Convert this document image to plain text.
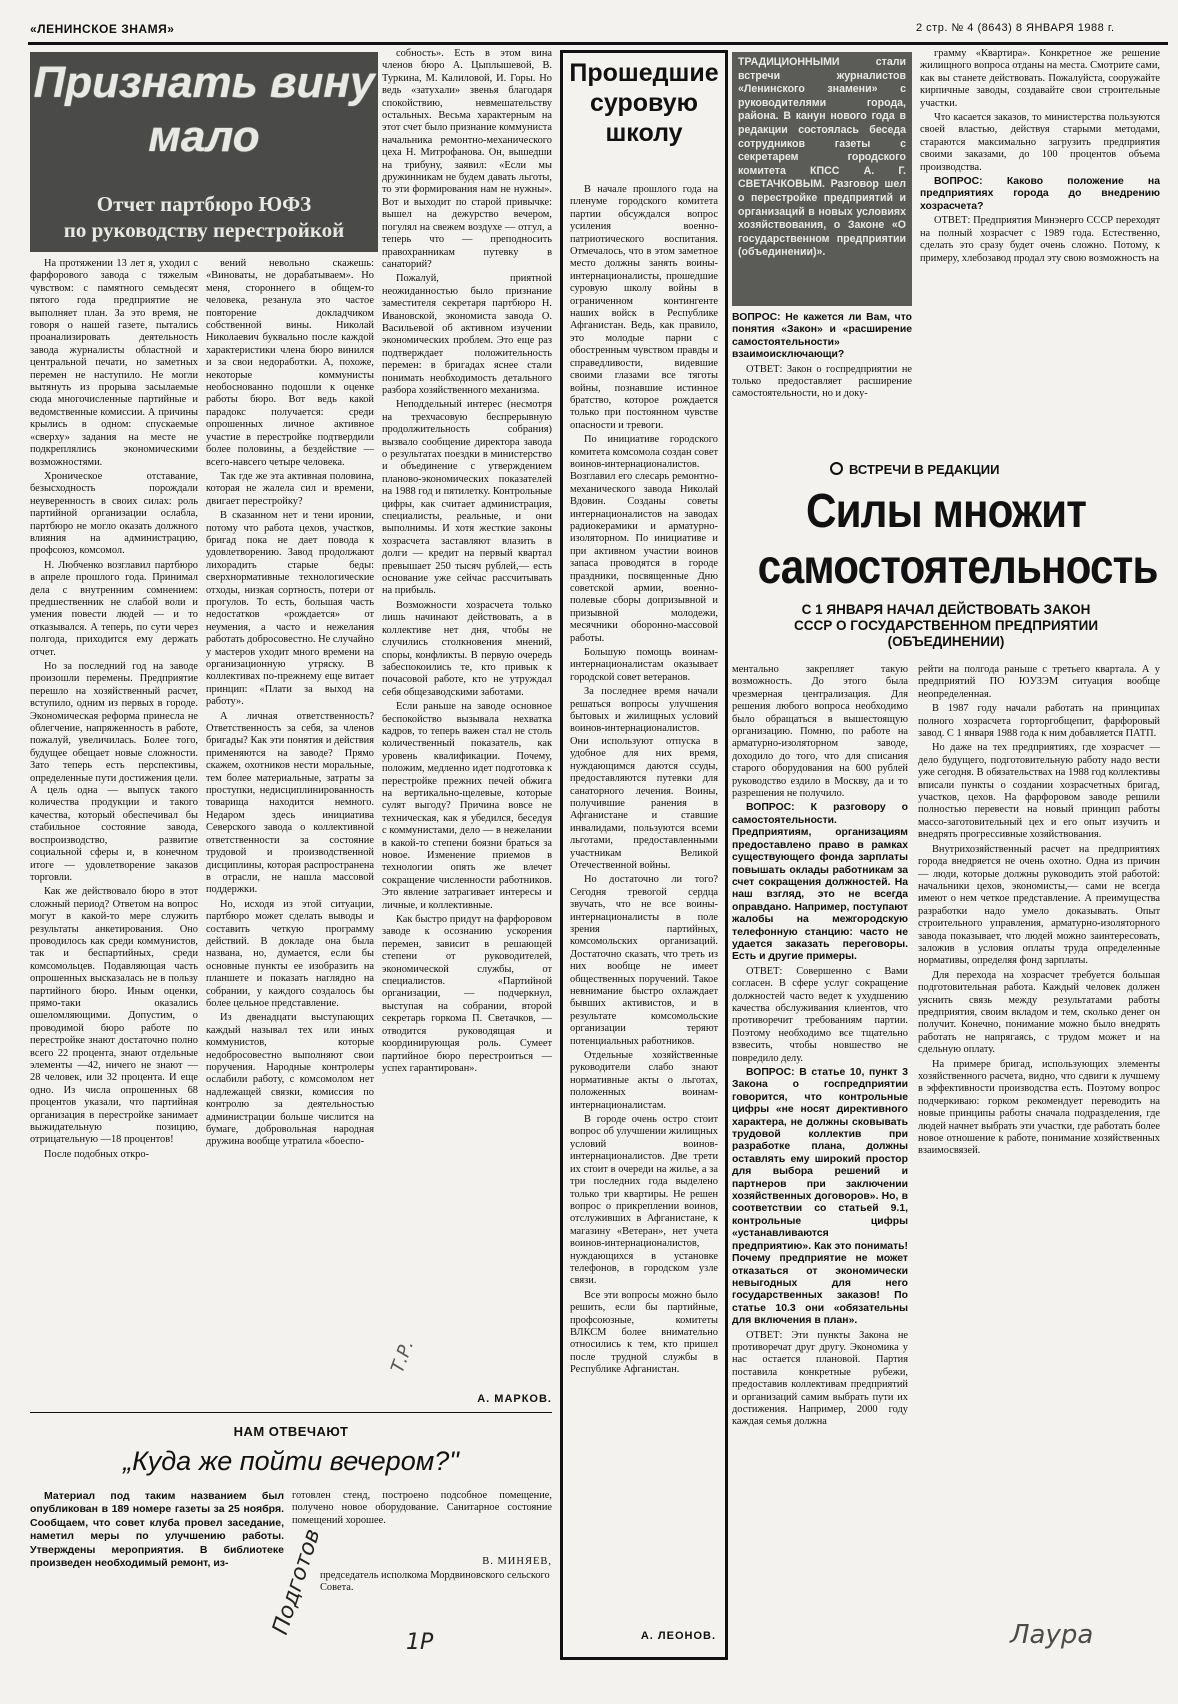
«ЛЕНИНСКОЕ ЗНАМЯ»	2 стр. № 4 (8643) 8 ЯНВАРЯ 1988 г.
Признать вину
мало
Отчет партбюро ЮФЗ
по руководству перестройкой

На протяжении 13 лет я, уходил с фарфорового завода с тяжелым чувством: с памятного семьдесят пятого года предприятие не выполняет план. За это время, не говоря о нашей газете, пытались проанализировать деятельность завода журналисты областной и центральной печати, но заметных перемен не наступило. Не могли вытянуть из прорыва засылаемые сюда многочисленные партийные и ведомственные комиссии. А причины крылись в одном: спускаемые «сверху» задания на месте не подкреплялись экономическими возможностями.

Хроническое отставание, безысходность порождали неуверенность в своих силах: роль партийной организации ослабла, партбюро не могло оказать должного влияния на администрацию, профсоюз, комсомол.

Н. Любченко возглавил партбюро в апреле прошлого года. Принимал дела с внутренним сомнением: предшественник не слабой воли и умения повести людей — и то отказывался. А теперь, по сути через полгода, приходится ему держать отчет.

Но за последний год на заводе произошли перемены. Предприятие перешло на хозяйственный расчет, вступило, одним из первых в городе. Экономическая реформа принесла не облегчение, напряженность в работе, пожалуй, увеличилась. Более того, будущее обещает новые сложности. Зато теперь есть перспективы, определенные пути достижения цели. А цель одна — выпуск такого количества продукции и такого качества, который обеспечивал бы стабильное состояние завода, воспроизводство, развитие социальной сферы и, в конечном итоге — удовлетворение заказов торговли.

Как же действовало бюро в этот сложный период? Ответом на вопрос могут в какой-то мере служить результаты анкетирования. Оно проводилось как среди коммунистов, так и беспартийных, среди комсомольцев. Подавляющая часть опрошенных высказалась не в пользу партийного бюро. Иным оценки, прямо-таки оказались ошеломляющими. Допустим, о проводимой бюро работе по перестройке знают достаточно полно всего 22 процента, знают отдельные элементы —42, ничего не знают — 28 человек, или 32 процента. И еще одно. Из числа опрошенных 68 процентов указали, что партийная организация в перестройке занимает выжидательную позицию, отрицательную —18 процентов!

После подобных откро-

вений невольно скажешь: «Виноваты, не дорабатываем». Но меня, стороннего в общем-то человека, резанула это частое повторение докладчиком собственной вины. Николай Николаевич буквально после каждой характеристики члена бюро винился и за свои недоработки. А, похоже, некоторые коммунисты необоснованно подошли к оценке работы бюро. Вот ведь какой парадокс получается: среди опрошенных личное активное участие в перестройке подтвердили более половины, а бездействие — всего-навсего четыре человека.

Так где же эта активная половина, которая не жалела сил и времени, двигает перестройку?

В сказанном нет и тени иронии, потому что работа цехов, участков, бригад пока не дает повода к удовлетворению. Завод продолжают лихорадить старые беды: сверхнормативные технологические отходы, низкая сортность, потери от прогулов. То есть, большая часть недостатков «рождается» от неумения, а часто и нежелания работать добросовестно. Не случайно у мастеров уходит много времени на организационную утряску. В коллективах по-прежнему еще витает принцип: «Плати за выход на работу».

А личная ответственность? Ответственность за себя, за членов бригады? Как эти понятия и действия применяются на заводе? Прямо скажем, охотников нести моральные, тем более материальные, затраты за проступки, недисциплинированность товарища находится немного. Недаром здесь инициатива Северского завода о коллективной ответственности за состояние трудовой и производственной дисциплины, которая распространена в отрасли, не нашла массовой поддержки.

Но, исходя из этой ситуации, партбюро может сделать выводы и составить четкую программу действий. В докладе она была названа, но, думается, если бы основные пункты ее изобразить на планшете и показать наглядно на собрании, у каждого создалось бы более цельное представление.

Из двенадцати выступающих каждый называл тех или иных коммунистов, которые недобросовестно выполняют свои поручения. Народные контролеры ослабили работу, с комсомолом нет надлежащей связки, комиссия по контролю за деятельностью администрации больше числится на бумаге, добровольная народная дружина вообще утратила «боеспо-

собность». Есть в этом вина членов бюро А. Цыплышевой, В. Туркина, М. Калиловой, И. Горы. Но ведь «затухали» звенья благодаря спокойствию, невмешательству остальных. Весьма характерным на этот счет было признание коммуниста начальника ремонтно-механического цеха Н. Митрофанова. Он, вышедши на трибуну, заявил: «Если мы дружинникам не будем давать льготы, то эти формирования нам не нужны». Вот и выходит по старой привычке: вышел на дежурство вечером, погулял на свежем воздухе — отгул, а теперь что — преподносить правохранникам путевку в санаторий?

Пожалуй, приятной неожиданностью было признание заместителя секретаря партбюро Н. Ивановской, экономиста завода О. Васильевой об активном изучении экономических проблем. Это еще раз подтверждает положительность перемен: в бригадах яснее стали понимать необходимость детального разбора хозяйственного механизма.

Неподдельный интерес (несмотря на трехчасовую беспрерывную продолжительность собрания) вызвало сообщение директора завода о результатах поездки в министерство и объединение с утверждением планово-экономических показателей на 1988 год и пятилетку. Контрольные цифры, как считает администрация, специалисты, реальные, и они выполнимы. И хотя жесткие законы хозрасчета заставляют влазить в долги — кредит на первый квартал превышает 250 тысяч рублей,— есть основание уже сейчас рассчитывать на прибыль.

Возможности хозрасчета только лишь начинают действовать, а в коллективе нет дня, чтобы не случились столкновения мнений, споры, конфликты. В первую очередь забеспокоились те, кто привык к почасовой работе, кто не утруждал себя общезаводскими заботами.

Если раньше на заводе основное беспокойство вызывала нехватка кадров, то теперь важен стал не столь количественный показатель, как уровень квалификации. Почему, положим, медленно идет подготовка к перестройке прежних печей обжига на вертикально-щелевые, которые сулят выгоду? Причина вовсе не техническая, как я убедился, беседуя с коммунистами, дело — в нежелании в какой-то степени боязни браться за новое. Изменение приемов в технологии опять же влечет сокращение численности работников. Это явление затрагивает интересы и личные, и коллективные.

Как быстро придут на фарфоровом заводе к осознанию ускорения перемен, зависит в решающей степени от руководителей, экономической службы, от специалистов. «Партийной организации, — подчеркнул, выступая на собрании, второй секретарь горкома П. Светачков, — отводится руководящая и координирующая роль. Сумеет партийное бюро перестроиться — успех гарантирован».

А. МАРКОВ.
Прошедшие
суровую
школу

В начале прошлого года на пленуме городского комитета партии обсуждался вопрос усиления военно-патриотического воспитания. Отмечалось, что в этом заметное место должны занять воины-интернационалисты, прошедшие суровую школу войны в ограниченном контингенте наших войск в Республике Афганистан. Ведь, как правило, это молодые парни с обостренным чувством правды и справедливости, видевшие своими глазами все тяготы войны, познавшие истинное братство, которое рождается только при постоянном чувстве опасности и тревоги.

По инициативе городского комитета комсомола создан совет воинов-интернационалистов. Возглавил его слесарь ремонтно-механического завода Николай Вдовин. Созданы советы интернационалистов на заводах радиокерамики и арматурно-изоляторном. По инициативе и при активном участии воинов запаса проводятся в городе праздники, посвященные Дню советской армии, военно-полевые сборы допризывной и призывной молодежи, месячники оборонно-массовой работы.

Большую помощь воинам-интернационалистам оказывает городской совет ветеранов.

За последнее время начали решаться вопросы улучшения бытовых и жилищных условий воинов-интернационалистов. Они используют отпуска в удобное для них время, нуждающимся даются ссуды, предоставляются путевки для санаторного лечения. Воины, получившие ранения в Афганистане и ставшие инвалидами, пользуются всеми льготами, предоставленными участникам Великой Отечественной войны.

Но достаточно ли того? Сегодня тревогой сердца звучать, что не все воины-интернационалисты в поле зрения партийных, комсомольских организаций. Достаточно сказать, что треть из них вообще не имеет общественных поручений. Такое невнимание быстро охлаждает бывших активистов, и в результате комсомольские организации теряют потенциальных работников.

Отдельные хозяйственные руководители слабо знают нормативные акты о льготах, положенных воинам-интернационалистам.

В городе очень остро стоит вопрос об улучшении жилищных условий воинов-интернационалистов. Две трети их стоит в очереди на жилье, а за три последних года выделено только три квартиры. Не решен вопрос о прикреплении воинов, отслуживших в Афганистане, к магазину «Ветеран», нет учета воинов-интернационалистов, нуждающихся в установке телефонов, в городском узле связи.

Все эти вопросы можно было решить, если бы партийные, профсоюзные, комитеты ВЛКСМ более внимательно относились к тем, кто пришел после трудной службы в Республике Афганистан.

А. ЛЕОНОВ.
ТРАДИЦИОННЫМИ стали встречи журналистов «Ленинского знамени» с руководителями города, района. В канун нового года в редакции состоялась беседа сотрудников газеты с секретарем городского комитета КПСС А. Г. СВЕТАЧКОВЫМ. Разговор шел о перестройке предприятий и организаций в новых условиях хозяйствования, о Законе «О государственном предприятии (объединении)».

ВОПРОС: Не кажется ли Вам, что понятия «Закон» и «расширение самостоятельности» взаимоисключающи?

ОТВЕТ: Закон о госпредприятии не только предоставляет расширение самостоятельности, но и доку-

грамму «Квартира». Конкретное же решение жилищного вопроса отданы на места. Смотрите сами, как вы станете действовать. Пожалуйста, сооружайте кирпичные заводы, создавайте свои строительные участки.

Что касается заказов, то министерства пользуются своей властью, действуя старыми методами, стараются максимально загрузить предприятия своими заказами, до 100 процентов объема производства.

ВОПРОС: Каково положение на предприятиях города до внедрению хозрасчета?

ОТВЕТ: Предприятия Минэнерго СССР переходят на полный хозрасчет с 1989 года. Естественно, сделать это сразу будет очень сложно. Потому, к примеру, хлебозавод продал эту свою возможность на

ВСТРЕЧИ В РЕДАКЦИИ
Силы множит
самостоятельность
С 1 ЯНВАРЯ НАЧАЛ ДЕЙСТВОВАТЬ ЗАКОН
СССР О ГОСУДАРСТВЕННОМ ПРЕДПРИЯТИИ
(ОБЪЕДИНЕНИИ)

ментально закрепляет такую возможность. До этого была чрезмерная централизация. Для решения любого вопроса необходимо было обращаться в вышестоящую организацию. Помню, по работе на арматурно-изоляторном заводе, доходило до того, что для списания старого оборудования на 600 рублей руководство ездило в Москву, да и то разрешения не получило.

ВОПРОС: К разговору о самостоятельности. Предприятиям, организациям предоставлено право в рамках существующего фонда зарплаты повышать оклады работникам за счет сокращения должностей. На наш взгляд, это не всегда оправдано. Например, поступают жалобы на межгородскую телефонную станцию: часто не удается заказать переговоры. Есть и другие примеры.

ОТВЕТ: Совершенно с Вами согласен. В сфере услуг сокращение должностей часто ведет к ухудшению качества обслуживания клиентов, что противоречит требованиям партии. Поэтому необходимо все тщательно взвесить, чтобы новшество не повредило делу.

ВОПРОС: В статье 10, пункт 3 Закона о госпредприятии говорится, что контрольные цифры «не носят директивного характера, не должны сковывать трудовой коллектив при разработке плана, должны оставлять ему широкий простор для выбора решений и партнеров при заключении хозяйственных договоров». Но, в соответствии со статьей 9.1, контрольные цифры «устанавливаются предприятию». Как это понимать! Почему предприятие не может отказаться от экономически невыгодных для него государственных заказов! По статье 10.3 они «обязательны для включения в план».

ОТВЕТ: Эти пункты Закона не противоречат друг другу. Экономика у нас остается плановой. Партия поставила конкретные рубежи, предоставив коллективам предприятий и организаций самим выбрать пути их достижения. Например, 2000 году каждая семья должна

рейти на полгода раньше с третьего квартала. А у предприятий ПО ЮУЗЭМ ситуация вообще неопределенная.

В 1987 году начали работать на принципах полного хозрасчета горторгобщепит, фарфоровый завод. С 1 января 1988 года к ним добавляется ПАТП.

Но даже на тех предприятиях, где хозрасчет — дело будущего, подготовительную работу надо вести уже сегодня. В обязательствах на 1988 год коллективы вписали пункты о создании хозрасчетных бригад, участков, цехов. На фарфоровом заводе решили полностью перевести на новый принцип работы массо-заготовительный цех и его опыт изучить и внедрять прогрессивные хозяйствования.

Внутрихозяйственный расчет на предприятиях города внедряется не очень охотно. Одна из причин — люди, которые должны руководить этой работой: начальники цехов, экономисты,— сами не всегда имеют о нем четкое представление. А преимущества разработки надо умело доказывать. Опыт строительного управления, арматурно-изоляторного завода показывает, что людей можно заинтересовать, заложив в условия оплаты труда определенные нормативы, определяя фонд зарплаты.

Для перехода на хозрасчет требуется большая подготовительная работа. Каждый человек должен уяснить связь между результатами работы предприятия, своим вкладом и тем, сколько денег он получит. Конечно, понимание можно было внедрять работать не напрягаясь, с трудом может и на сдельную оплату.

На примере бригад, использующих элементы хозяйственного расчета, видно, что сдвиги к лучшему в эффективности производства есть. Поэтому вопрос подчеркиваю: горком рекомендует переводить на новые принципы работы сначала подразделения, где людей начнет выбрать эти участки, где работать более новое отношение к работе, понимание хозяйственных взаимосвязей.

НАМ ОТВЕЧАЮТ
„Куда же пойти вечером?"

Материал под таким названием был опубликован в 189 номере газеты за 25 ноября. Сообщаем, что совет клуба провел заседание, наметил меры по улучшению работы. Утверждены мероприятия. В библиотеке произведен необходимый ремонт, из-

готовлен стенд, построено подсобное помещение, получено новое оборудование. Санитарное состояние помещений хорошее.

В. МИНЯЕВ,
председатель исполкома Мордвиновского сельского Совета.
Подготов
1Р	Лаура
Т.Р.
